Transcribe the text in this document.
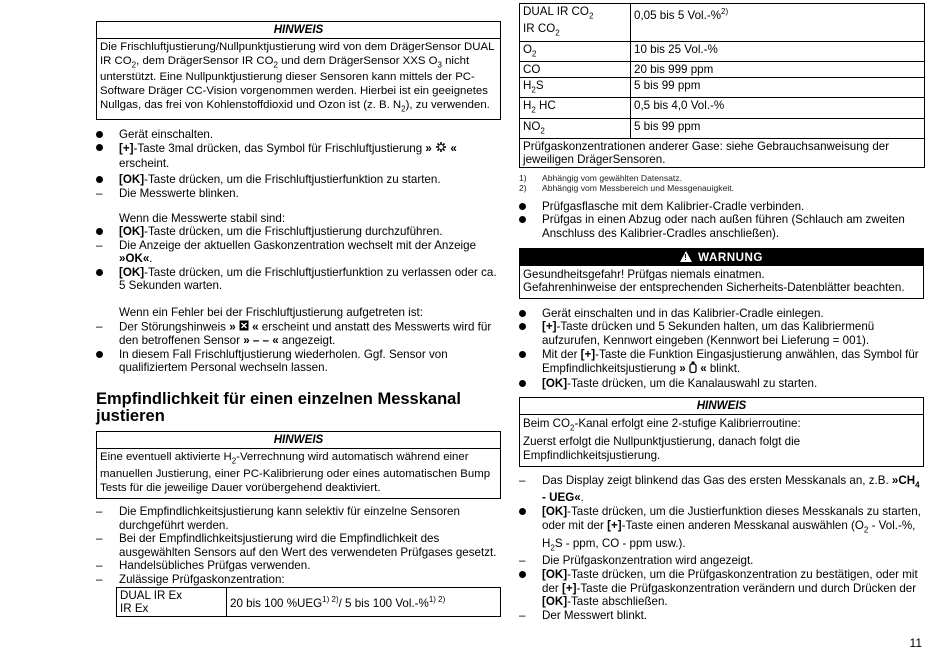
HINWEIS
Die Frischluftjustierung/Nullpunktjustierung wird von dem DrägerSensor DUAL IR $CO_2$, dem DrägerSensor IR $CO_2$ und dem DrägerSensor XXS $O_3$ nicht unterstützt. Eine Nullpunktjustierung dieser Sensoren kann mittels der PC-Software Dräger CC-Vision vorgenommen werden. Hierbei ist ein geeignetes Nullgas, das frei von Kohlenstoffdioxid und Ozon ist (z. B. $N_2$), zu verwenden.

Gerät einschalten.

[+]-Taste 3mal drücken, das Symbol für Frischluftjustierung » « erscheint.

[OK]-Taste drücken, um die Frischluftjustierfunktion zu starten.

–	Die Messwerte blinken.

Wenn die Messwerte stabil sind:

[OK]-Taste drücken, um die Frischluftjustierung durchzuführen.

–	Die Anzeige der aktuellen Gaskonzentration wechselt mit der Anzeige »OK«.

[OK]-Taste drücken, um die Frischluftjustierfunktion zu verlassen oder ca. 5 Sekunden warten.

Wenn ein Fehler bei der Frischluftjustierung aufgetreten ist:

–	Der Störungshinweis » « erscheint und anstatt des Messwerts wird für den betroffenen Sensor » – – « angezeigt.

In diesem Fall Frischluftjustierung wiederholen. Ggf. Sensor von qualifiziertem Personal wechseln lassen.

Empfindlichkeit für einen einzelnen Messkanal justieren
HINWEIS
Eine eventuell aktivierte $H_2$-Verrechnung wird automatisch während einer manuellen Justierung, einer PC-Kalibrierung oder eines automatischen Bump Tests für die jeweilige Dauer vorübergehend deaktiviert.

–	Die Empfindlichkeitsjustierung kann selektiv für einzelne Sensoren durchgeführt werden.

–	Bei der Empfindlichkeitsjustierung wird die Empfindlichkeit des ausgewählten Sensors auf den Wert des verwendeten Prüfgases gesetzt.

–	Handelsübliches Prüfgas verwenden.

–	Zulässige Prüfgaskonzentration:

DUAL IR Ex
IR Ex	20 bis 100 $\%UEG^{1) 2)}/$ 5 bis 100 Vol.-%$^{1) 2)}$
DUAL IR $CO_2$
IR $CO_2$	0,05 bis 5 Vol.-%$^{2)}$
$O_2$	10 bis 25 Vol.-%
CO	20 bis 999 ppm
$H_2S$	5 bis 99 ppm
$H_2$ HC	0,5 bis 4,0 Vol.-%
$NO_2$	5 bis 99 ppm
Prüfgaskonzentrationen anderer Gase: siehe Gebrauchsanweisung der jeweiligen DrägerSensoren.	
1) Abhängig vom gewählten Datensatz.
2) Abhängig vom Messbereich und Messgenauigkeit.

Prüfgasflasche mit dem Kalibrier-Cradle verbinden.

Prüfgas in einen Abzug oder nach außen führen (Schlauch am zweiten Anschluss des Kalibrier-Cradles anschließen).

! WARNUNG
Gesundheitsgefahr! Prüfgas niemals einatmen.
Gefahrenhinweise der entsprechenden Sicherheits-Datenblätter beachten.

Gerät einschalten und in das Kalibrier-Cradle einlegen.

[+]-Taste drücken und 5 Sekunden halten, um das Kalibriermenü aufzurufen, Kennwort eingeben (Kennwort bei Lieferung = 001).

Mit der [+]-Taste die Funktion Eingasjustierung anwählen, das Symbol für Empfindlichkeitsjustierung » « blinkt.

[OK]-Taste drücken, um die Kanalauswahl zu starten.

HINWEIS
Beim $CO_2$-Kanal erfolgt eine 2-stufige Kalibrierroutine:
Zuerst erfolgt die Nullpunktjustierung, danach folgt die Empfindlichkeitsjustierung.

–	Das Display zeigt blinkend das Gas des ersten Messkanals an, z.B. $»CH_4$ - UEG«.

[OK]-Taste drücken, um die Justierfunktion dieses Messkanals zu starten, oder mit der [+]-Taste einen anderen Messkanal auswählen ($O_2 - Vol.-\%$, $H_2S$ - ppm, CO - ppm usw.).

–	Die Prüfgaskonzentration wird angezeigt.

[OK]-Taste drücken, um die Prüfgaskonzentration zu bestätigen, oder mit der [+]-Taste die Prüfgaskonzentration verändern und durch Drücken der [OK]-Taste abschließen.

–	Der Messwert blinkt.

11
